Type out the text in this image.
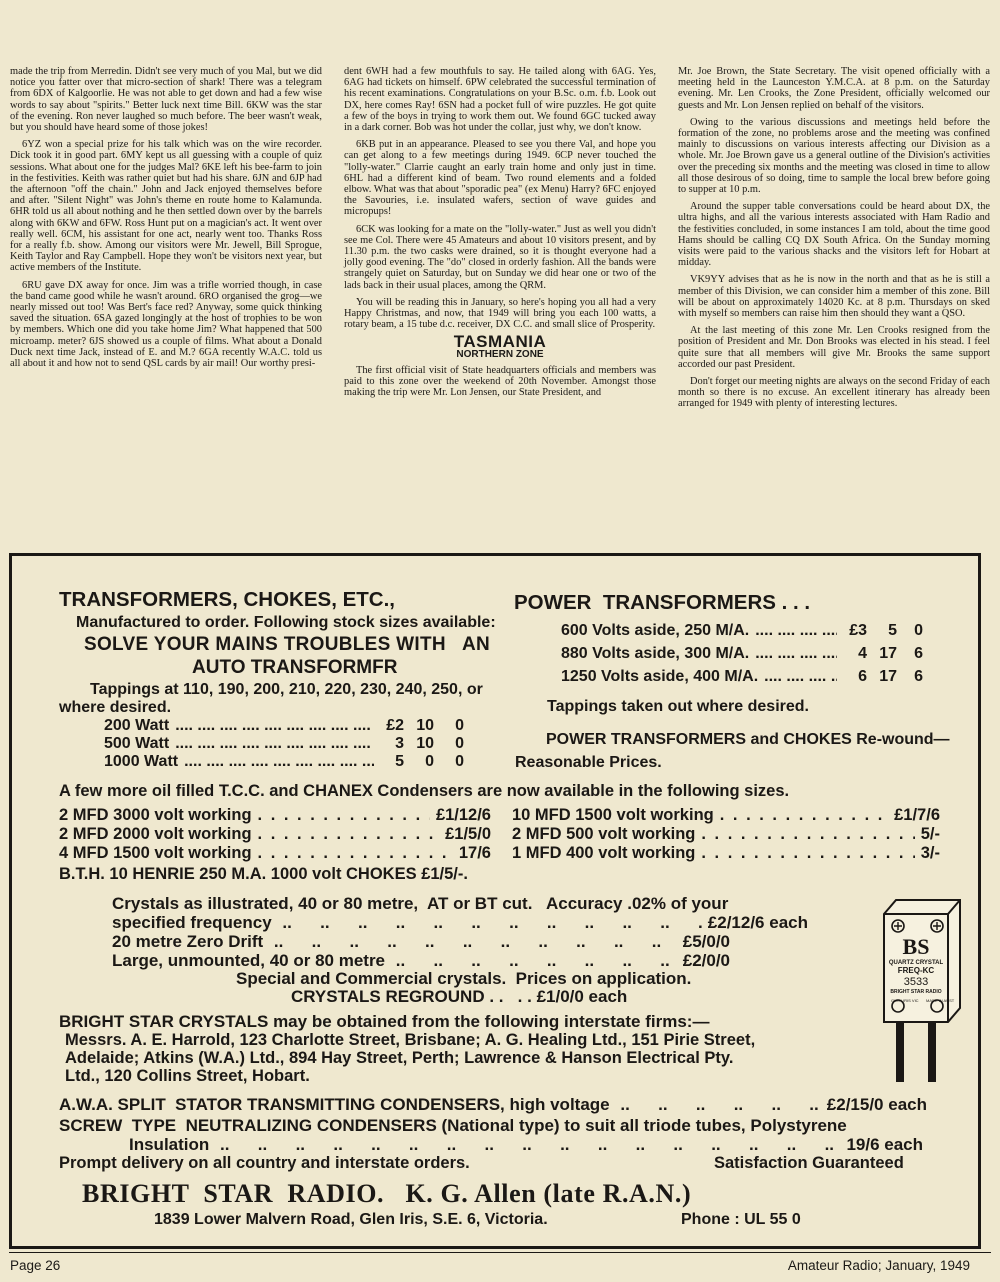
made the trip from Merredin. Didn't see very much of you Mal, but we did notice you fatter over that micro-section of shark! There was a telegram from 6DX of Kalgoorlie. He was not able to get down and had a few wise words to say about "spirits." Better luck next time Bill. 6KW was the star of the evening. Ron never laughed so much before. The beer wasn't weak, but you should have heard some of those jokes!

6YZ won a special prize for his talk which was on the wire recorder. Dick took it in good part. 6MY kept us all guessing with a couple of quiz sessions. What about one for the judges Mal? 6KE left his bee-farm to join in the festivities. Keith was rather quiet but had his share. 6JN and 6JP had the afternoon "off the chain." John and Jack enjoyed themselves before and after. "Silent Night" was John's theme en route home to Kalamunda. 6HR told us all about nothing and he then settled down over by the barrels along with 6KW and 6FW. Ross Hunt put on a magician's act. It went over really well. 6CM, his assistant for one act, nearly went too. Thanks Ross for a really f.b. show. Among our visitors were Mr. Jewell, Bill Sprogue, Keith Taylor and Ray Campbell. Hope they won't be visitors next year, but active members of the Institute.

6RU gave DX away for once. Jim was a trifle worried though, in case the band came good while he wasn't around. 6RO organised the grog—we nearly missed out too! Was Bert's face red? Anyway, some quick thinking saved the situation. 6SA gazed longingly at the host of trophies to be won by members. Which one did you take home Jim? What happened that 500 microamp. meter? 6JS showed us a couple of films. What about a Donald Duck next time Jack, instead of E. and M.? 6GA recently W.A.C. told us all about it and how not to send QSL cards by air mail! Our worthy presi-

dent 6WH had a few mouthfuls to say. He tailed along with 6AG. Yes, 6AG had tickets on himself. 6PW celebrated the successful termination of his recent examinations. Congratulations on your B.Sc. o.m. f.b. Look out DX, here comes Ray! 6SN had a pocket full of wire puzzles. He got quite a few of the boys in trying to work them out. We found 6GC tucked away in a dark corner. Bob was hot under the collar, just why, we don't know.

6KB put in an appearance. Pleased to see you there Val, and hope you can get along to a few meetings during 1949. 6CP never touched the "lolly-water." Clarrie caught an early train home and only just in time. 6HL had a different kind of beam. Two round elements and a folded elbow. What was that about "sporadic pea" (ex Menu) Harry? 6FC enjoyed the Savouries, i.e. insulated wafers, section of wave guides and micropups!

6CK was looking for a mate on the "lolly-water." Just as well you didn't see me Col. There were 45 Amateurs and about 10 visitors present, and by 11.30 p.m. the two casks were drained, so it is thought everyone had a jolly good evening. The "do" closed in orderly fashion. All the bands were strangely quiet on Saturday, but on Sunday we did hear one or two of the lads back in their usual places, among the QRM.

You will be reading this in January, so here's hoping you all had a very Happy Christmas, and now, that 1949 will bring you each 100 watts, a rotary beam, a 15 tube d.c. receiver, DX C.C. and small slice of Prosperity.

TASMANIA
NORTHERN ZONE

The first official visit of State headquarters officials and members was paid to this zone over the weekend of 20th November. Amongst those making the trip were Mr. Lon Jensen, our State President, and

Mr. Joe Brown, the State Secretary. The visit opened officially with a meeting held in the Launceston Y.M.C.A. at 8 p.m. on the Saturday evening. Mr. Len Crooks, the Zone President, officially welcomed our guests and Mr. Lon Jensen replied on behalf of the visitors.

Owing to the various discussions and meetings held before the formation of the zone, no problems arose and the meeting was confined mainly to discussions on various interests affecting our Division as a whole. Mr. Joe Brown gave us a general outline of the Division's activities over the preceding six months and the meeting was closed in time to allow all those desirous of so doing, time to sample the local brew before going to supper at 10 p.m.

Around the supper table conversations could be heard about DX, the ultra highs, and all the various interests associated with Ham Radio and the festivities concluded, in some instances I am told, about the time good Hams should be calling CQ DX South Africa. On the Sunday morning visits were paid to the various shacks and the visitors left for Hobart at midday.

VK9YY advises that as he is now in the north and that as he is still a member of this Division, we can consider him a member of this zone. Bill will be about on approximately 14020 Kc. at 8 p.m. Thursdays on sked with myself so members can raise him then should they want a QSO.

At the last meeting of this zone Mr. Len Crooks resigned from the position of President and Mr. Don Brooks was elected in his stead. I feel quite sure that all members will give Mr. Brooks the same support accorded our past President.

Don't forget our meeting nights are always on the second Friday of each month so there is no excuse. An excellent itinerary has already been arranged for 1949 with plenty of interesting lectures.

TRANSFORMERS, CHOKES, ETC.,
Manufactured to order. Following stock sizes available:
SOLVE YOUR MAINS TROUBLES WITH   AN
AUTO TRANSFORMFR
Tappings at 110, 190, 200, 210, 220, 230, 240, 250, or
where desired.
200 Watt ....	£2 10 0
500 Watt ....	3 10 0
1000 Watt ....	5 0 0
POWER  TRANSFORMERS . . .
600 Volts aside, 250 M/A. ....	£3 5 0
880 Volts aside, 300 M/A. ....	4 17 6
1250 Volts aside, 400 M/A. ....	6 17 6
Tappings taken out where desired.
POWER TRANSFORMERS and CHOKES Re-wound—
Reasonable Prices.
A few more oil filled T.C.C. and CHANEX Condensers are now available in the following sizes.
2 MFD 3000 volt working . . .	£1/12/6
2 MFD 2000 volt working . . .	£1/5/0
4 MFD 1500 volt working . . .	17/6
10 MFD 1500 volt working . . .	£1/7/6
2 MFD 500 volt working . . .	5/-
1 MFD 400 volt working . . .	3/-
B.T.H. 10 HENRIE 250 M.A. 1000 volt CHOKES £1/5/-.
Crystals as illustrated, 40 or 80 metre,  AT or BT cut.   Accuracy .02% of your
specified frequency ..	£2/12/6 each
20 metre Zero Drift ..	£5/0/0
Large, unmounted, 40 or 80 metre ..	£2/0/0
Special and Commercial crystals.  Prices on application.
CRYSTALS REGROUND . .   . . £1/0/0 each
BRIGHT STAR CRYSTALS may be obtained from the following interstate firms:—
Messrs. A. E. Harrold, 123 Charlotte Street, Brisbane; A. G. Healing Ltd., 151 Pirie Street,
Adelaide; Atkins (W.A.) Ltd., 894 Hay Street, Perth; Lawrence & Hanson Electrical Pty.
Ltd., 120 Collins Street, Hobart.
A.W.A. SPLIT  STATOR TRANSMITTING CONDENSERS, high voltage ..	£2/15/0 each
SCREW  TYPE  NEUTRALIZING CONDENSERS (National type) to suit all triode tubes, Polystyrene
Insulation ..	19/6 each
Prompt delivery on all country and interstate orders.	Satisfaction Guaranteed
BRIGHT  STAR  RADIO.   K. G. Allen (late R.A.N.)
1839 Lower Malvern Road, Glen Iris, S.E. 6, Victoria.	Phone : UL 55 0
BS
QUARTZ CRYSTAL
FREQ-KC
3533
BRIGHT STAR RADIO
GLEN IRIS VIC MADE IN AUST
Page 26	Amateur Radio; January, 1949
